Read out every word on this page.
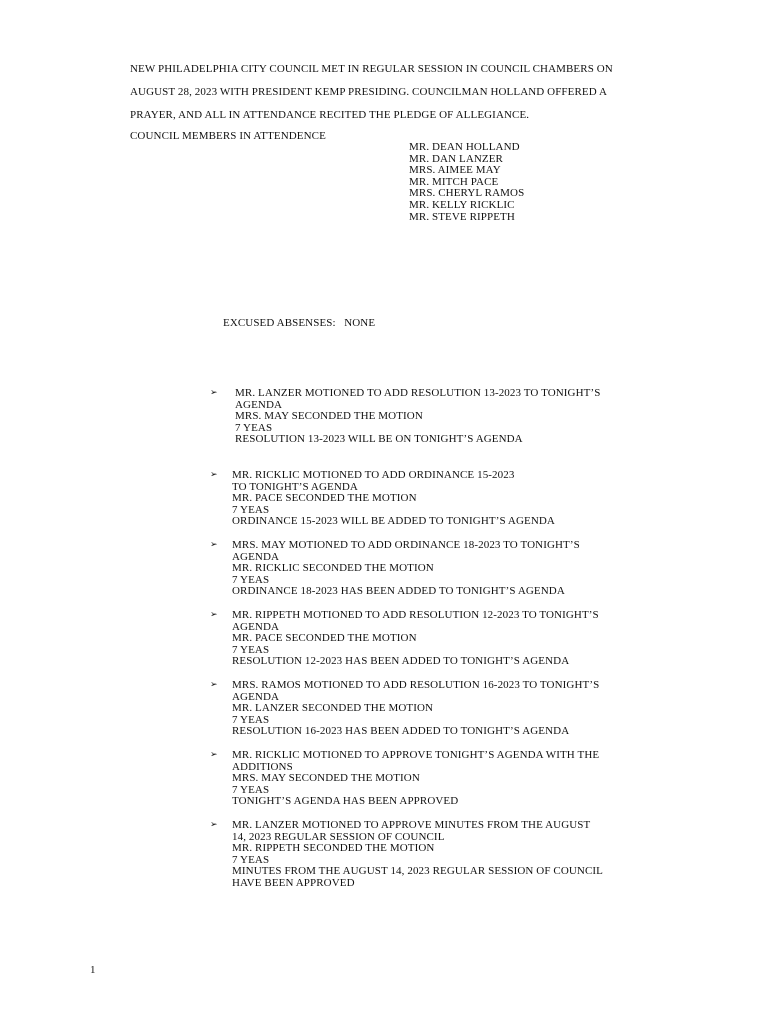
NEW PHILADELPHIA CITY COUNCIL MET IN REGULAR SESSION IN COUNCIL CHAMBERS ON

AUGUST 28, 2023 WITH PRESIDENT KEMP PRESIDING. COUNCILMAN HOLLAND OFFERED A

PRAYER, AND ALL IN ATTENDANCE RECITED THE PLEDGE OF ALLEGIANCE.

COUNCIL MEMBERS IN ATTENDENCE
MR. DEAN HOLLAND
MR. DAN LANZER
MRS. AIMEE MAY
MR. MITCH PACE
MRS. CHERYL RAMOS
MR. KELLY RICKLIC
MR. STEVE RIPPETH
EXCUSED ABSENSES:   NONE
➢ MR. LANZER MOTIONED TO ADD RESOLUTION 13-2023 TO TONIGHT’S
AGENDA
MRS. MAY SECONDED THE MOTION
7 YEAS
RESOLUTION 13-2023 WILL BE ON TONIGHT’S AGENDA
➢ MR. RICKLIC MOTIONED TO ADD ORDINANCE 15-2023
TO TONIGHT’S AGENDA
MR. PACE SECONDED THE MOTION
7 YEAS
ORDINANCE 15-2023 WILL BE ADDED TO TONIGHT’S AGENDA
➢ MRS. MAY MOTIONED TO ADD ORDINANCE 18-2023 TO TONIGHT’S
AGENDA
MR. RICKLIC SECONDED THE MOTION
7 YEAS
ORDINANCE 18-2023 HAS BEEN ADDED TO TONIGHT’S AGENDA
➢ MR. RIPPETH MOTIONED TO ADD RESOLUTION 12-2023 TO TONIGHT’S
AGENDA
MR. PACE SECONDED THE MOTION
7 YEAS
RESOLUTION 12-2023 HAS BEEN ADDED TO TONIGHT’S AGENDA
➢ MRS. RAMOS MOTIONED TO ADD RESOLUTION 16-2023 TO TONIGHT’S
AGENDA
MR. LANZER SECONDED THE MOTION
7 YEAS
RESOLUTION 16-2023 HAS BEEN ADDED TO TONIGHT’S AGENDA
➢ MR. RICKLIC MOTIONED TO APPROVE TONIGHT’S AGENDA WITH THE
ADDITIONS
MRS. MAY SECONDED THE MOTION
7 YEAS
TONIGHT’S AGENDA HAS BEEN APPROVED
➢ MR. LANZER MOTIONED TO APPROVE MINUTES FROM THE AUGUST
14, 2023 REGULAR SESSION OF COUNCIL
MR. RIPPETH SECONDED THE MOTION
7 YEAS
MINUTES FROM THE AUGUST 14, 2023 REGULAR SESSION OF COUNCIL
HAVE BEEN APPROVED
1
